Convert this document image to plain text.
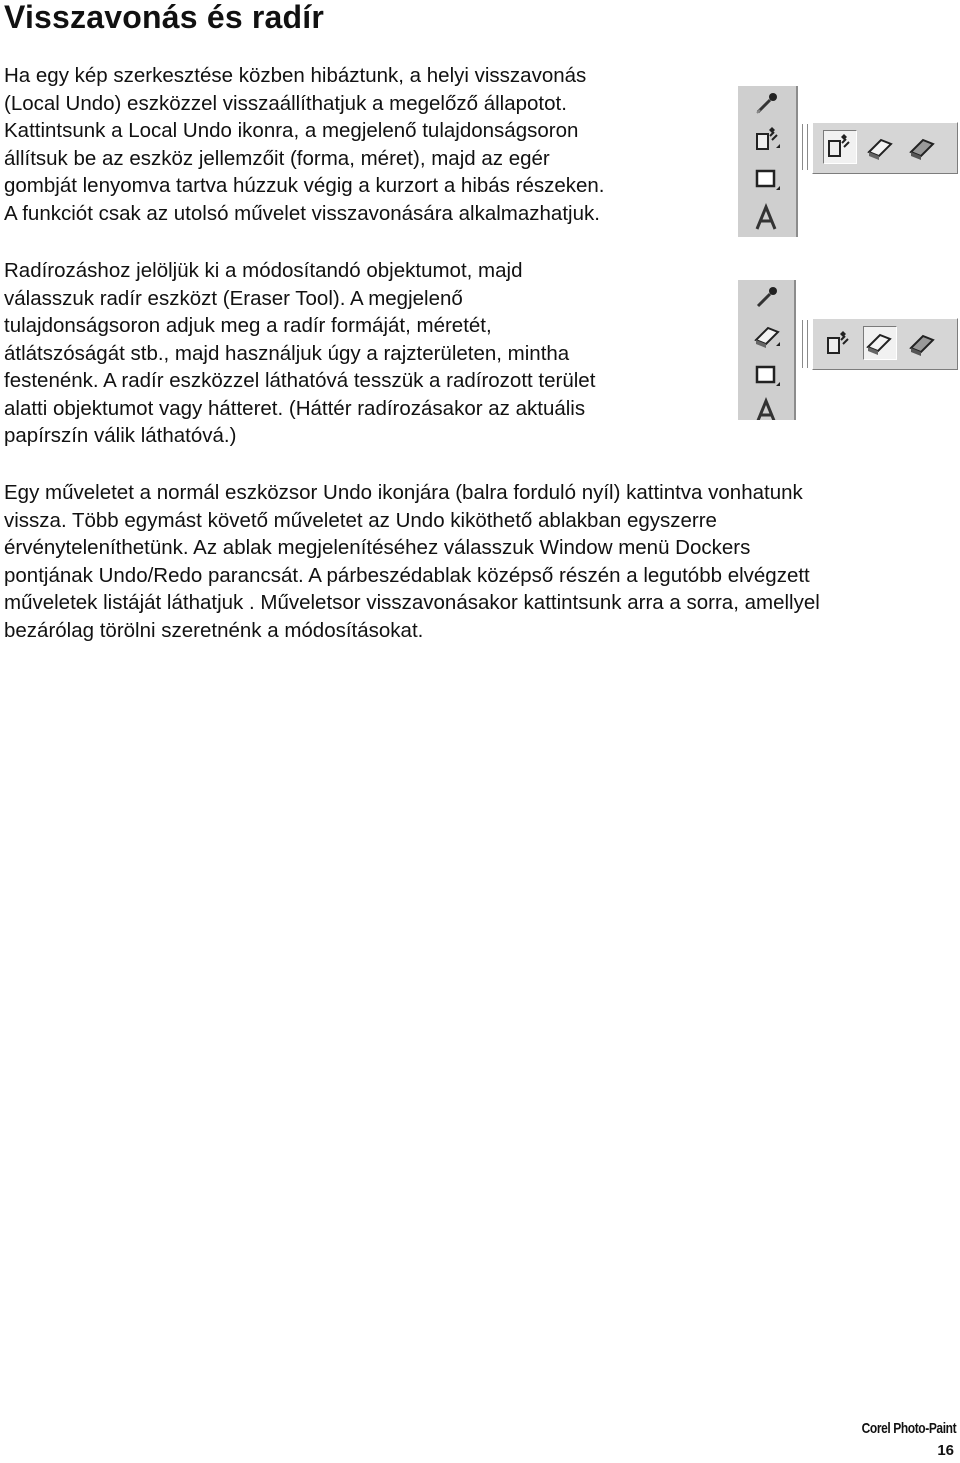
Visszavonás és radír

Ha egy kép szerkesztése közben hibáztunk, a helyi visszavonás
(Local Undo) eszközzel visszaállíthatjuk a megelőző állapotot.
Kattintsunk a Local Undo ikonra, a megjelenő tulajdonságsoron
állítsuk be az eszköz jellemzőit (forma, méret), majd az egér
gombját lenyomva tartva húzzuk végig a kurzort a hibás részeken.
A funkciót csak az utolsó művelet visszavonására alkalmazhatjuk.

Radírozáshoz jelöljük ki a módosítandó objektumot, majd
válasszuk radír eszközt (Eraser Tool). A megjelenő
tulajdonságsoron adjuk meg a radír formáját, méretét,
átlátszóságát stb., majd használjuk úgy a rajzterületen, mintha
festenénk. A radír eszközzel láthatóvá tesszük a radírozott terület
alatti objektumot vagy hátteret. (Háttér radírozásakor az aktuális
papírszín válik láthatóvá.)

Egy műveletet a normál eszközsor Undo ikonjára (balra forduló nyíl) kattintva vonhatunk
vissza. Több egymást követő műveletet az Undo kiköthető ablakban egyszerre
érvényteleníthetünk. Az ablak megjelenítéséhez válasszuk Window menü Dockers
pontjának Undo/Redo parancsát. A párbeszédablak középső részén a legutóbb elvégzett
műveletek listáját láthatjuk . Műveletsor visszavonásakor kattintsunk arra a sorra, amellyel
bezárólag törölni szeretnénk a módosításokat.

Corel Photo-Paint
16
